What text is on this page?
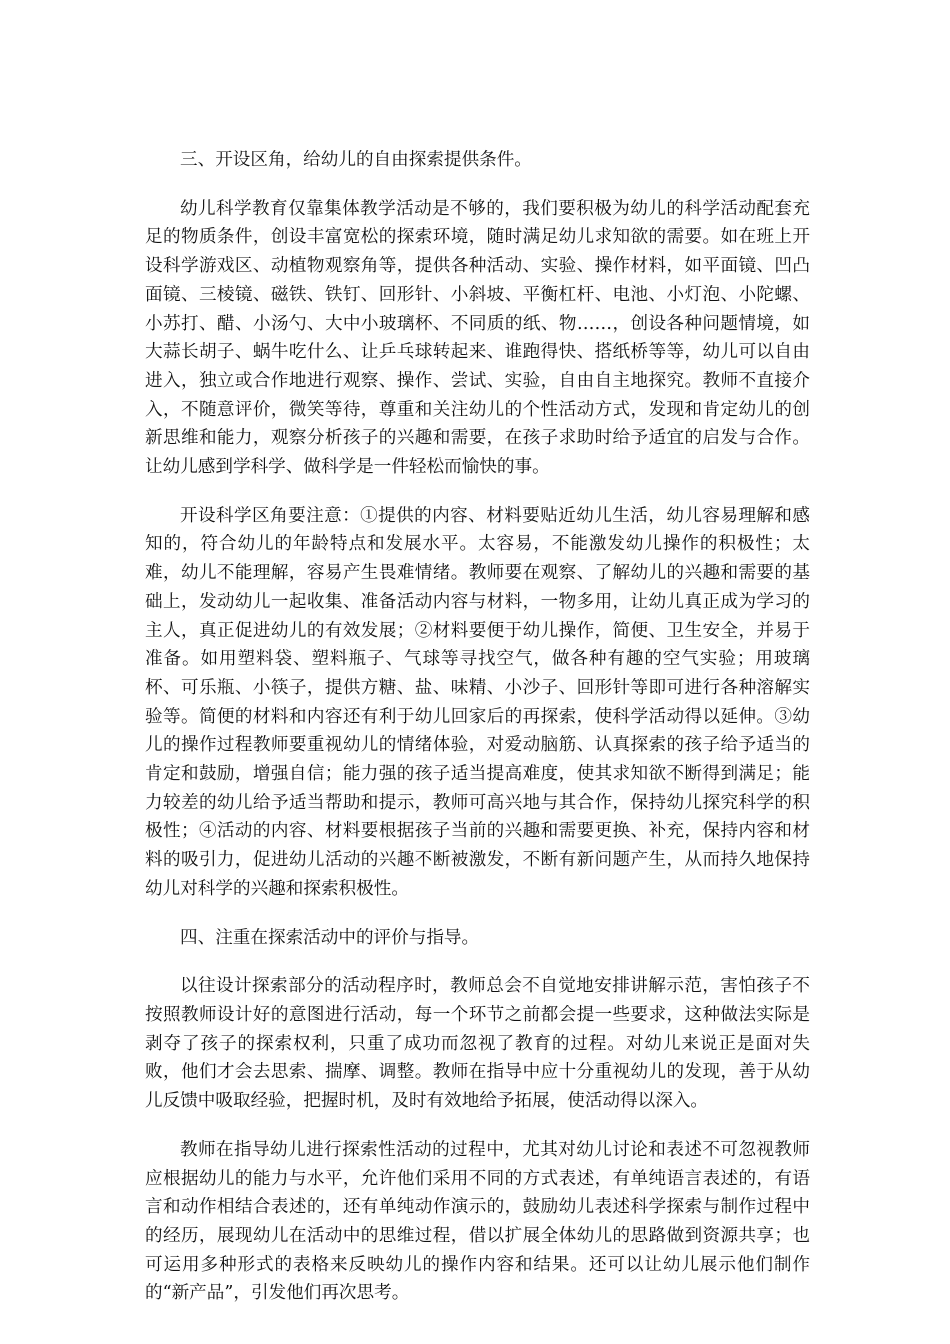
三、开设区角，给幼儿的自由探索提供条件。

幼儿科学教育仅靠集体教学活动是不够的，我们要积极为幼儿的科学活动配套充足的物质条件，创设丰富宽松的探索环境，随时满足幼儿求知欲的需要。如在班上开设科学游戏区、动植物观察角等，提供各种活动、实验、操作材料，如平面镜、凹凸面镜、三棱镜、磁铁、铁钉、回形针、小斜坡、平衡杠杆、电池、小灯泡、小陀螺、小苏打、醋、小汤勺、大中小玻璃杯、不同质的纸、物……，创设各种问题情境，如大蒜长胡子、蜗牛吃什么、让乒乓球转起来、谁跑得快、搭纸桥等等，幼儿可以自由进入，独立或合作地进行观察、操作、尝试、实验，自由自主地探究。教师不直接介入，不随意评价，微笑等待，尊重和关注幼儿的个性活动方式，发现和肯定幼儿的创新思维和能力，观察分析孩子的兴趣和需要，在孩子求助时给予适宜的启发与合作。让幼儿感到学科学、做科学是一件轻松而愉快的事。

开设科学区角要注意：①提供的内容、材料要贴近幼儿生活，幼儿容易理解和感知的，符合幼儿的年龄特点和发展水平。太容易，不能激发幼儿操作的积极性；太难，幼儿不能理解，容易产生畏难情绪。教师要在观察、了解幼儿的兴趣和需要的基础上，发动幼儿一起收集、准备活动内容与材料，一物多用，让幼儿真正成为学习的主人，真正促进幼儿的有效发展；②材料要便于幼儿操作，简便、卫生安全，并易于准备。如用塑料袋、塑料瓶子、气球等寻找空气，做各种有趣的空气实验；用玻璃杯、可乐瓶、小筷子，提供方糖、盐、味精、小沙子、回形针等即可进行各种溶解实验等。简便的材料和内容还有利于幼儿回家后的再探索，使科学活动得以延伸。③幼儿的操作过程教师要重视幼儿的情绪体验，对爱动脑筋、认真探索的孩子给予适当的肯定和鼓励，增强自信；能力强的孩子适当提高难度，使其求知欲不断得到满足；能力较差的幼儿给予适当帮助和提示，教师可高兴地与其合作，保持幼儿探究科学的积极性；④活动的内容、材料要根据孩子当前的兴趣和需要更换、补充，保持内容和材料的吸引力，促进幼儿活动的兴趣不断被激发，不断有新问题产生，从而持久地保持幼儿对科学的兴趣和探索积极性。

四、注重在探索活动中的评价与指导。

以往设计探索部分的活动程序时，教师总会不自觉地安排讲解示范，害怕孩子不按照教师设计好的意图进行活动，每一个环节之前都会提一些要求，这种做法实际是剥夺了孩子的探索权利，只重了成功而忽视了教育的过程。对幼儿来说正是面对失败，他们才会去思索、揣摩、调整。教师在指导中应十分重视幼儿的发现，善于从幼儿反馈中吸取经验，把握时机，及时有效地给予拓展，使活动得以深入。

教师在指导幼儿进行探索性活动的过程中，尤其对幼儿讨论和表述不可忽视教师应根据幼儿的能力与水平，允许他们采用不同的方式表述，有单纯语言表述的，有语言和动作相结合表述的，还有单纯动作演示的，鼓励幼儿表述科学探索与制作过程中的经历，展现幼儿在活动中的思维过程，借以扩展全体幼儿的思路做到资源共享；也可运用多种形式的表格来反映幼儿的操作内容和结果。还可以让幼儿展示他们制作的“新产品”，引发他们再次思考。
